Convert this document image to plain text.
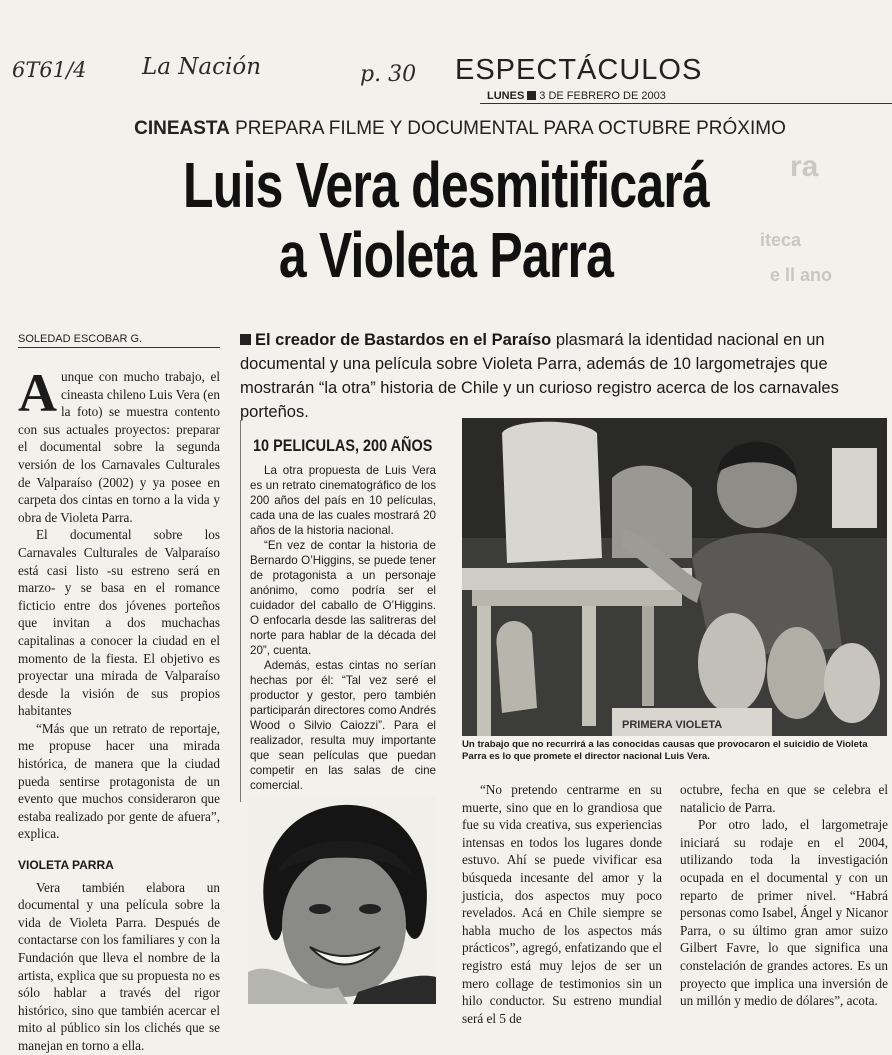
ra
iteca
e ll ano
6T61/4 La Nación	p. 30 ESPECTÁCULOS
LUNES 3 DE FEBRERO DE 2003
CINEASTA PREPARA FILME Y DOCUMENTAL PARA OCTUBRE PRÓXIMO
Luis Vera desmitificará
a Violeta Parra
SOLEDAD ESCOBAR G.	El creador de Bastardos en el Paraíso plasmará la identidad nacional en un documental y una película sobre Violeta Parra, además de 10 largometrajes que mostrarán “la otra” historia de Chile y un curioso registro acerca de los carnavales porteños.

Aunque con mucho trabajo, el cineasta chileno Luis Vera (en la foto) se muestra contento con sus actuales proyectos: preparar el documental sobre la segunda versión de los Carnavales Culturales de Valparaíso (2002) y ya posee en carpeta dos cintas en torno a la vida y obra de Violeta Parra.

El documental sobre los Carnavales Culturales de Valparaíso está casi listo -su estreno será en marzo- y se basa en el romance ficticio entre dos jóvenes porteños que invitan a dos muchachas capitalinas a conocer la ciudad en el momento de la fiesta. El objetivo es proyectar una mirada de Valparaíso desde la visión de sus propios habitantes

“Más que un retrato de reportaje, me propuse hacer una mirada histórica, de manera que la ciudad pueda sentirse protagonista de un evento que muchos consideraron que estaba realizado por gente de afuera”, explica.

VIOLETA PARRA

Vera también elabora un documental y una película sobre la vida de Violeta Parra. Después de contactarse con los familiares y con la Fundación que lleva el nombre de la artista, explica que su propuesta no es sólo hablar a través del rigor histórico, sino que también acercar el mito al público sin los clichés que se manejan en torno a ella.

10 PELICULAS, 200 AÑOS

La otra propuesta de Luis Vera es un retrato cinematográfico de los 200 años del país en 10 películas, cada una de las cuales mostrará 20 años de la historia nacional.

“En vez de contar la historia de Bernardo O’Higgins, se puede tener de protagonista a un personaje anónimo, como podría ser el cuidador del caballo de O’Higgins. O enfocarla desde las salitreras del norte para hablar de la década del 20”, cuenta.

Además, estas cintas no serían hechas por él: “Tal vez seré el productor y gestor, pero también participarán directores como Andrés Wood o Silvio Caiozzi”. Para el realizador, resulta muy importante que sean películas que puedan competir en las salas de cine comercial.

PRIMERA VIOLETA
Un trabajo que no recurrirá a las conocidas causas que provocaron el suicidio de Violeta Parra es lo que promete el director nacional Luis Vera.

“No pretendo centrarme en su muerte, sino que en lo grandiosa que fue su vida creativa, sus experiencias intensas en todos los lugares donde estuvo. Ahí se puede vivificar esa búsqueda incesante del amor y la justicia, dos aspectos muy poco revelados. Acá en Chile siempre se habla mucho de los aspectos más prácticos”, agregó, enfatizando que el registro está muy lejos de ser un mero collage de testimonios sin un hilo conductor. Su estreno mundial será el 5 de

octubre, fecha en que se celebra el natalicio de Parra.

Por otro lado, el largometraje iniciará su rodaje en el 2004, utilizando toda la investigación ocupada en el documental y con un reparto de primer nivel. “Habrá personas como Isabel, Ángel y Nicanor Parra, o su último gran amor suizo Gilbert Favre, lo que significa una constelación de grandes actores. Es un proyecto que implica una inversión de un millón y medio de dólares”, acota.
